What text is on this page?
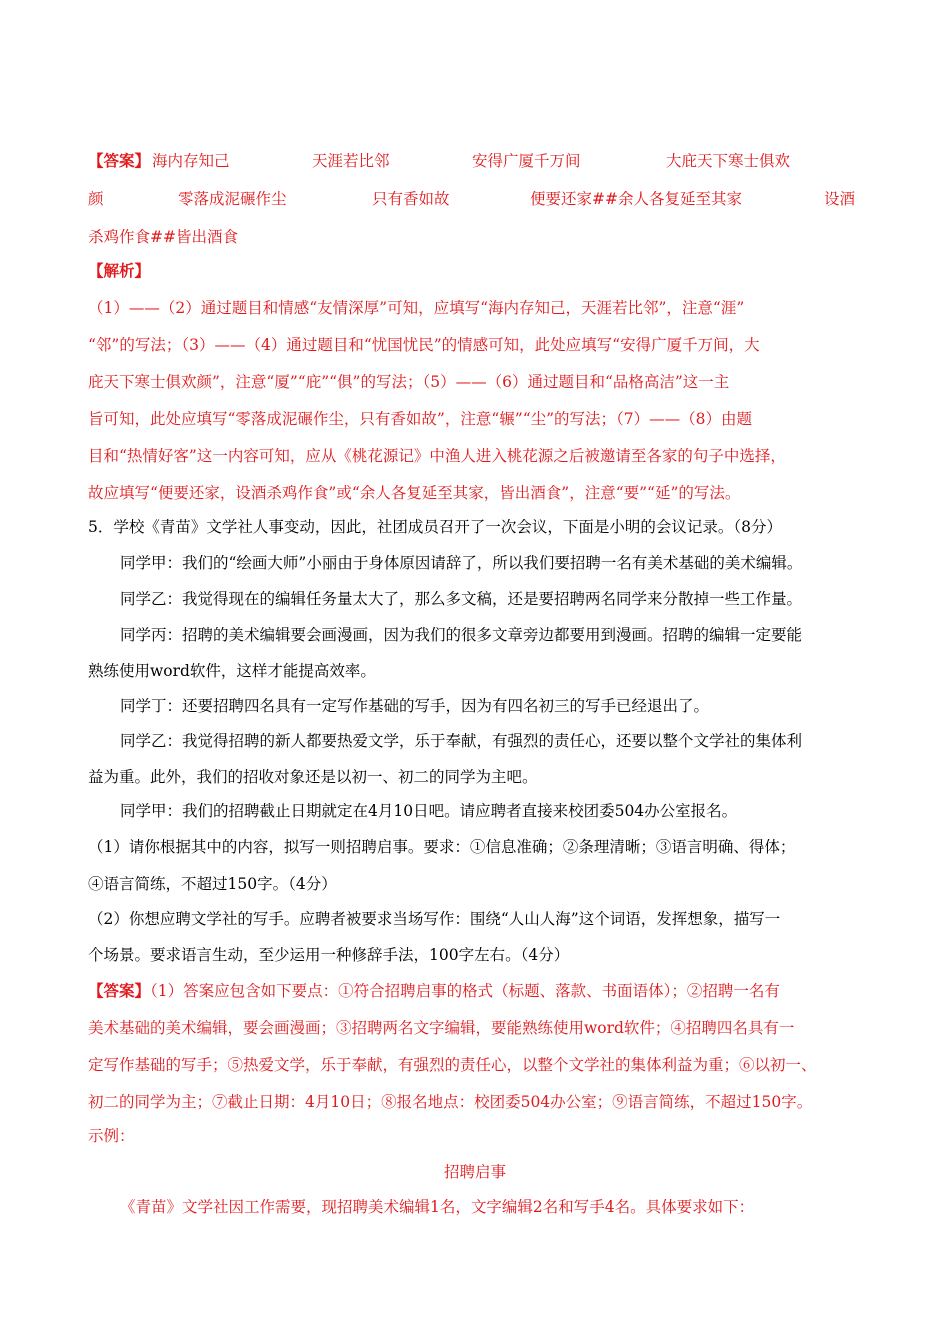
【答案】 海内存知己	天涯若比邻	安得广厦千万间	大庇天下寒士俱欢
颜	零落成泥碾作尘	只有香如故	便要还家##余人各复延至其家	设酒
杀鸡作食##皆出酒食
【解析】
（1）——（2）通过题目和情感“友情深厚”可知，应填写“海内存知己，天涯若比邻”，注意“涯”
“邻”的写法；（3）——（4）通过题目和“忧国忧民”的情感可知，此处应填写“安得广厦千万间，大
庇天下寒士俱欢颜”，注意“厦”“庇”“俱”的写法；（5）——（6）通过题目和“品格高洁”这一主
旨可知，此处应填写“零落成泥碾作尘，只有香如故”，注意“辗”“尘”的写法；（7）——（8）由题
目和“热情好客”这一内容可知，应从《桃花源记》中渔人进入桃花源之后被邀请至各家的句子中选择，
故应填写“便要还家，设酒杀鸡作食”或“余人各复延至其家，皆出酒食”，注意“要”“延”的写法。
5．学校《青苗》文学社人事变动，因此，社团成员召开了一次会议，下面是小明的会议记录。（8分）
同学甲：我们的“绘画大师”小丽由于身体原因请辞了，所以我们要招聘一名有美术基础的美术编辑。
同学乙：我觉得现在的编辑任务量太大了，那么多文稿，还是要招聘两名同学来分散掉一些工作量。
同学丙：招聘的美术编辑要会画漫画，因为我们的很多文章旁边都要用到漫画。招聘的编辑一定要能
熟练使用word软件，这样才能提高效率。
同学丁：还要招聘四名具有一定写作基础的写手，因为有四名初三的写手已经退出了。
同学乙：我觉得招聘的新人都要热爱文学，乐于奉献，有强烈的责任心，还要以整个文学社的集体利
益为重。此外，我们的招收对象还是以初一、初二的同学为主吧。
同学甲：我们的招聘截止日期就定在4月10日吧。请应聘者直接来校团委504办公室报名。
（1）请你根据其中的内容，拟写一则招聘启事。要求：①信息准确；②条理清晰；③语言明确、得体；
④语言简练，不超过150字。（4分）
（2）你想应聘文学社的写手。应聘者被要求当场写作：围绕“人山人海”这个词语，发挥想象，描写一
个场景。要求语言生动，至少运用一种修辞手法，100字左右。（4分）
【答案】（1）答案应包含如下要点：①符合招聘启事的格式（标题、落款、书面语体）；②招聘一名有
美术基础的美术编辑，要会画漫画；③招聘两名文字编辑，要能熟练使用word软件；④招聘四名具有一
定写作基础的写手；⑤热爱文学，乐于奉献，有强烈的责任心，以整个文学社的集体利益为重；⑥以初一、
初二的同学为主；⑦截止日期：4月10日；⑧报名地点：校团委504办公室；⑨语言简练，不超过150字。
示例：
招聘启事
《青苗》文学社因工作需要，现招聘美术编辑1名，文字编辑2名和写手4名。具体要求如下：
